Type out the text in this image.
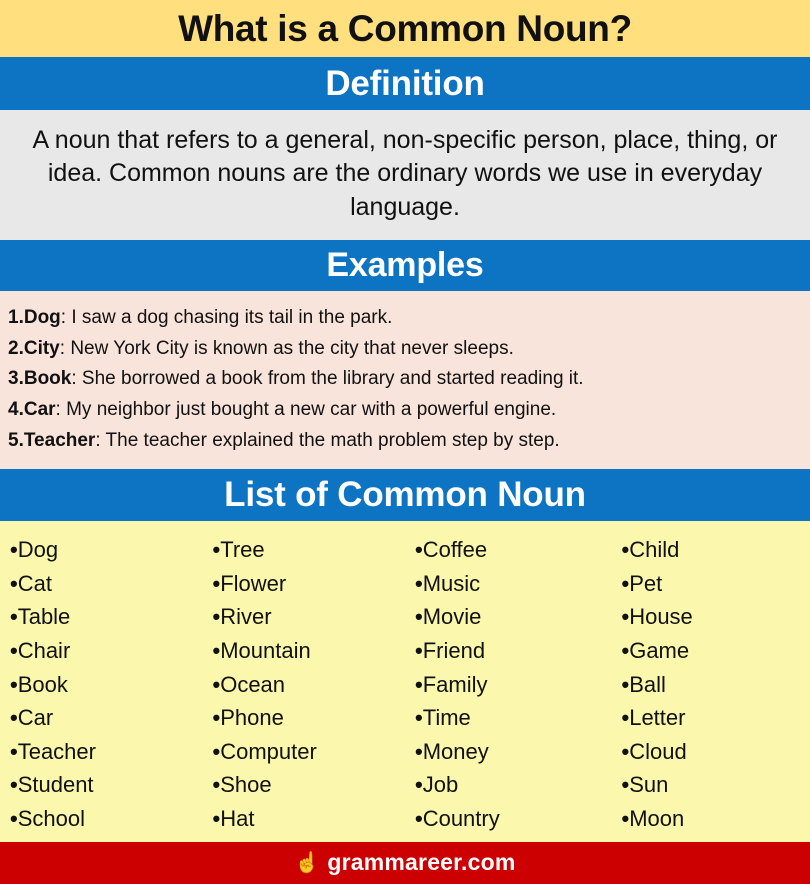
What is a Common Noun?
Definition
A noun that refers to a general, non-specific person, place, thing, or idea. Common nouns are the ordinary words we use in everyday language.
Examples
1.Dog: I saw a dog chasing its tail in the park.
2.City: New York City is known as the city that never sleeps.
3.Book: She borrowed a book from the library and started reading it.
4.Car: My neighbor just bought a new car with a powerful engine.
5.Teacher: The teacher explained the math problem step by step.
List of Common Noun
•Dog
•Cat
•Table
•Chair
•Book
•Car
•Teacher
•Student
•School
•Tree
•Flower
•River
•Mountain
•Ocean
•Phone
•Computer
•Shoe
•Hat
•Coffee
•Music
•Movie
•Friend
•Family
•Time
•Money
•Job
•Country
•Child
•Pet
•House
•Game
•Ball
•Letter
•Cloud
•Sun
•Moon
☝ grammareer.com
